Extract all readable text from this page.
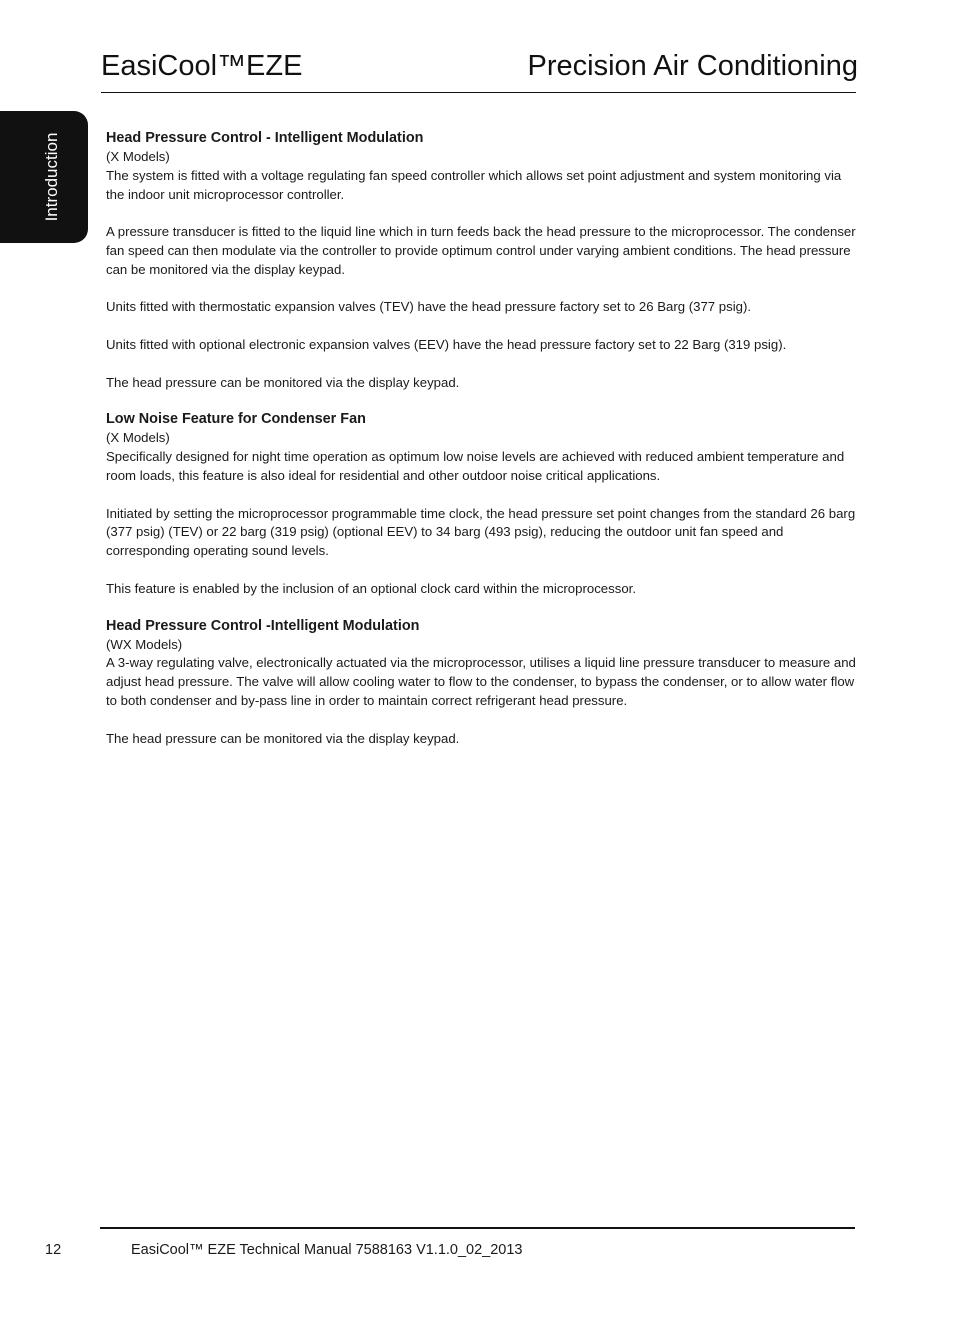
EasiCool™EZE	Precision Air Conditioning
Introduction	Head Pressure Control - Intelligent Modulation

(X Models)

The system is fitted with a voltage regulating fan speed controller which allows set point adjustment and system monitoring via the indoor unit microprocessor controller.

A pressure transducer is fitted to the liquid line which in turn feeds back the head pressure to the microprocessor. The condenser fan speed can then modulate via the controller to provide optimum control under varying ambient conditions. The head pressure can be monitored via the display keypad.

Units fitted with thermostatic expansion valves (TEV) have the head pressure factory set to 26 Barg (377 psig).

Units fitted with optional electronic expansion valves (EEV) have the head pressure factory set to 22 Barg (319 psig).

The head pressure can be monitored via the display keypad.

Low Noise Feature for Condenser Fan

(X Models)

Specifically designed for night time operation as optimum low noise levels are achieved with reduced ambient temperature and room loads, this feature is also ideal for residential and other outdoor noise critical applications.

Initiated by setting the microprocessor programmable time clock, the head pressure set point changes from the standard 26 barg (377 psig) (TEV) or 22 barg (319 psig) (optional EEV) to 34 barg (493 psig), reducing the outdoor unit fan speed and corresponding operating sound levels.

This feature is enabled by the inclusion of an optional clock card within the microprocessor.

Head Pressure Control -Intelligent Modulation

(WX Models)

A 3-way regulating valve, electronically actuated via the microprocessor, utilises a liquid line pressure transducer to measure and adjust head pressure. The valve will allow cooling water to flow to the condenser, to bypass the condenser, or to allow water flow to both condenser and by-pass line in order to maintain correct refrigerant head pressure.

The head pressure can be monitored via the display keypad.

12	EasiCool™ EZE Technical Manual 7588163 V1.1.0_02_2013
